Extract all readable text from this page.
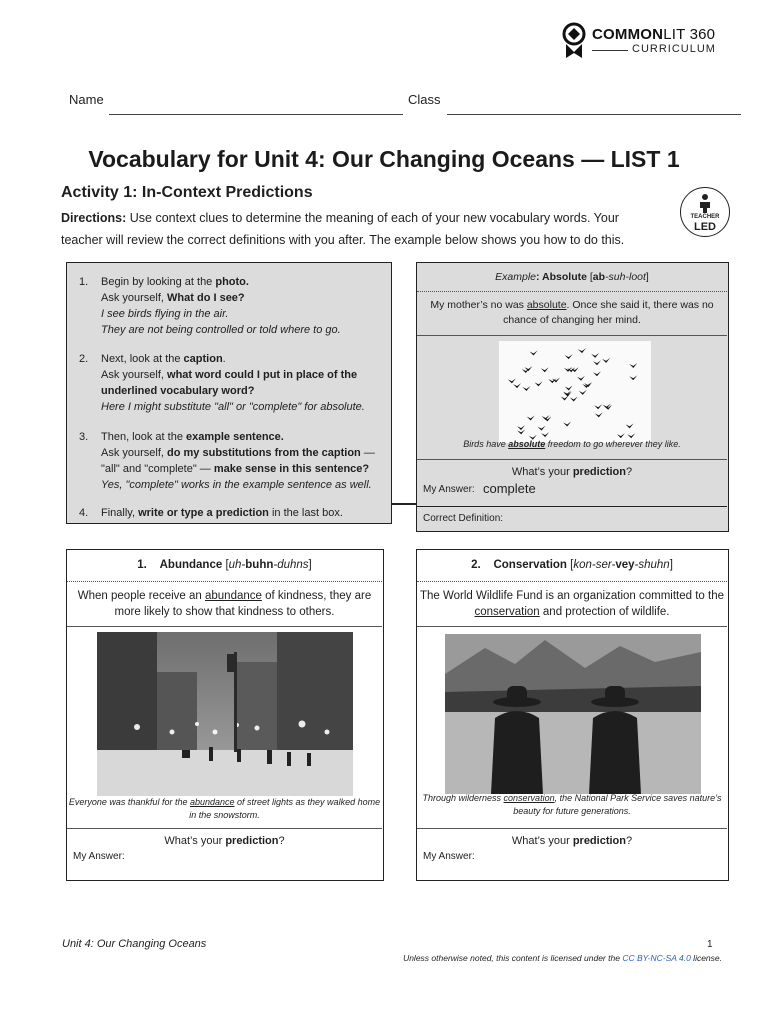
COMMONLIT 360
CURRICULUM
Name	Class
Vocabulary for Unit 4: Our Changing Oceans — LIST 1
Activity 1: In-Context Predictions
Directions: Use context clues to determine the meaning of each of your new vocabulary words. Your teacher will review the correct definitions with you after. The example below shows you how to do this.
TEACHER
LED
1. Begin by looking at the photo.
Ask yourself, What do I see?
I see birds flying in the air.
They are not being controlled or told where to go.
2. Next, look at the caption.
Ask yourself, what word could I put in place of the underlined vocabulary word?
Here I might substitute "all" or "complete" for absolute.
3. Then, look at the example sentence.
Ask yourself, do my substitutions from the caption — "all" and "complete" — make sense in this sentence?
Yes, "complete" works in the example sentence as well.
4. Finally, write or type a prediction in the last box.
Example: Absolute [ab-suh-loot]
My mother’s no was absolute. Once she said it, there was no chance of changing her mind.
Birds have absolute freedom to go wherever they like.
What’s your prediction?
My Answer: complete
Correct Definition:
1. Abundance [uh-buhn-duhns]
When people receive an abundance of kindness, they are more likely to show that kindness to others.
Everyone was thankful for the abundance of street lights as they walked home in the snowstorm.
What’s your prediction?
My Answer:
2. Conservation [kon-ser-vey-shuhn]
The World Wildlife Fund is an organization committed to the conservation and protection of wildlife.
Through wilderness conservation, the National Park Service saves nature’s beauty for future generations.
What’s your prediction?
My Answer:
Unit 4: Our Changing Oceans	1
Unless otherwise noted, this content is licensed under the CC BY-NC-SA 4.0 license.
